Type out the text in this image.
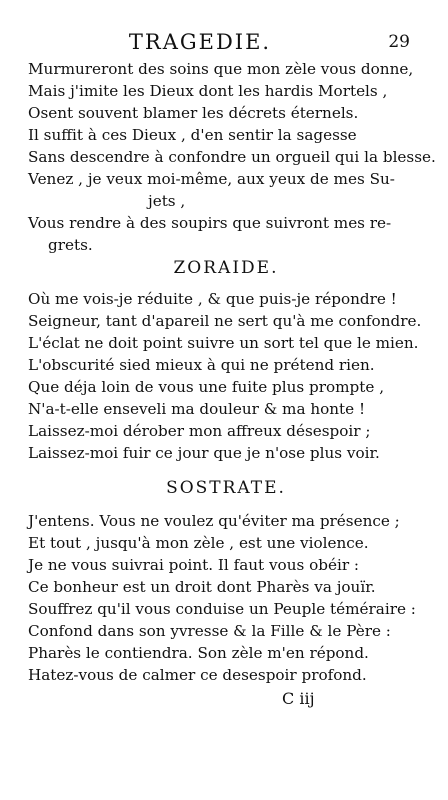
TRAGEDIE.	29
Murmureront des soins que mon zèle vous donne,
Mais j'imite les Dieux dont les hardis Mortels ,
Osent souvent blamer les décrets éternels.
Il suffit à ces Dieux , d'en sentir la sagesse
Sans descendre à confondre un orgueil qui la blesse.
Venez , je veux moi-même, aux yeux de mes Su-
jets ,
Vous rendre à des soupirs que suivront mes re-
grets.
ZORAIDE.
Où me vois-je réduite , & que puis-je répondre !
Seigneur, tant d'apareil ne sert qu'à me confondre.
L'éclat ne doit point suivre un sort tel que le mien.
L'obscurité sied mieux à qui ne prétend rien.
Que déja loin de vous une fuite plus prompte ,
N'a-t-elle enseveli ma douleur & ma honte !
Laissez-moi dérober mon affreux désespoir ;
Laissez-moi fuir ce jour que je n'ose plus voir.
SOSTRATE.
J'entens. Vous ne voulez qu'éviter ma présence ;
Et tout , jusqu'à mon zèle , est une violence.
Je ne vous suivrai point. Il faut vous obéir :
Ce bonheur est un droit dont Pharès va jouïr.
Souffrez qu'il vous conduise un Peuple téméraire :
Confond dans son yvresse & la Fille & le Père :
Pharès le contiendra. Son zèle m'en répond.
Hatez-vous de calmer ce desespoir profond.
C iij
